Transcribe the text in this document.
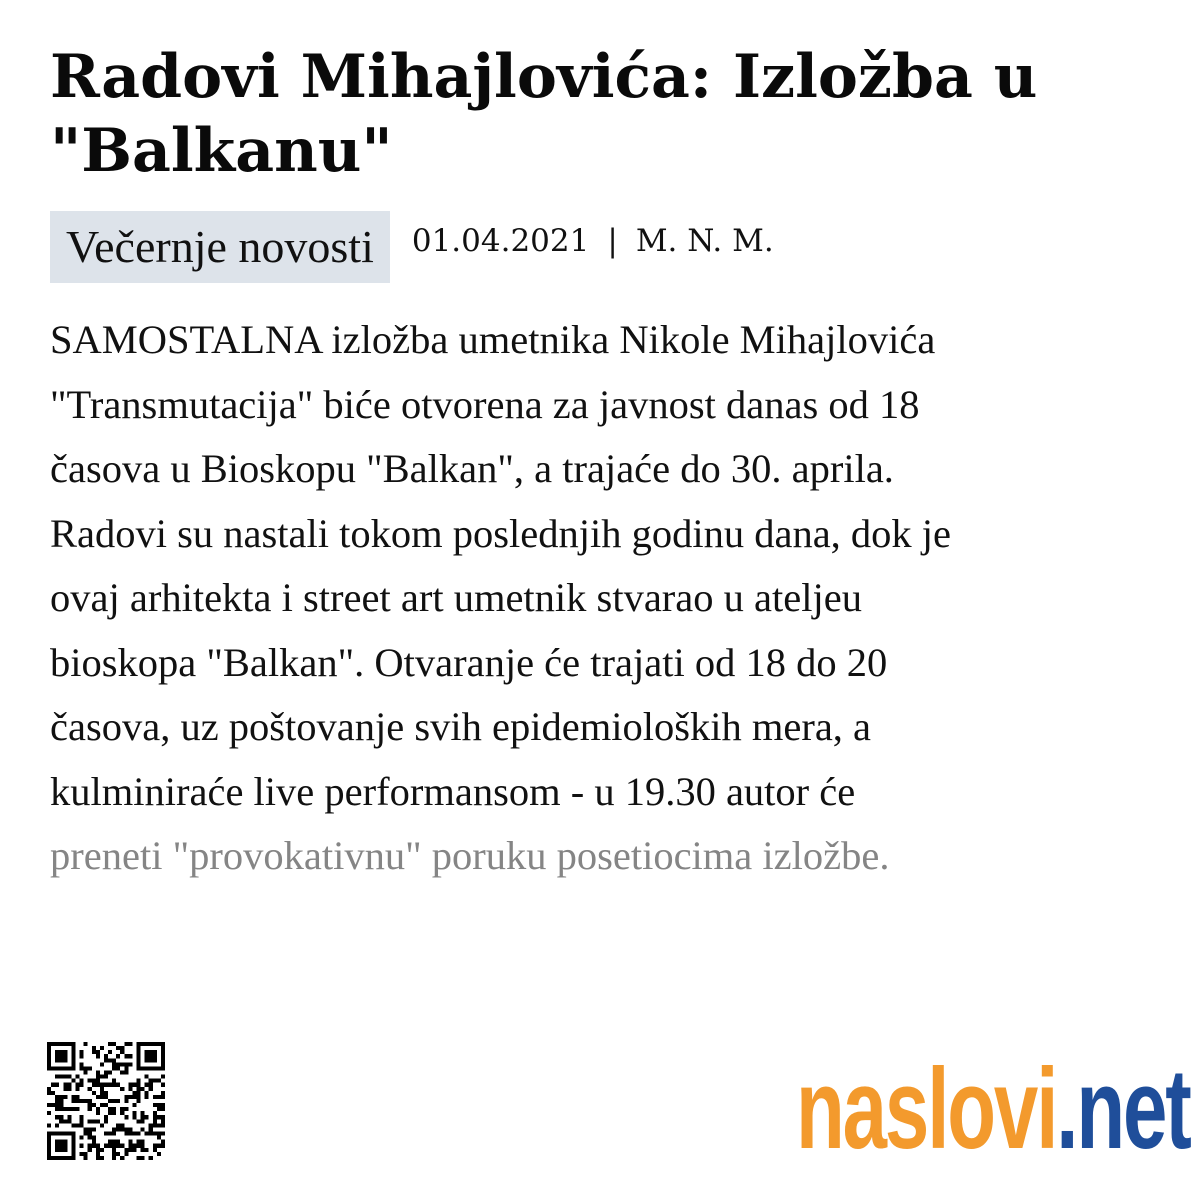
Radovi Mihajlovića: Izložba u "Balkanu"
Večernje novosti	01.04.2021 | M. N. M.
SAMOSTALNA izložba umetnika Nikole Mihajlovića
"Transmutacija" biće otvorena za javnost danas od 18
časova u Bioskopu "Balkan", a trajaće do 30. aprila.
Radovi su nastali tokom poslednjih godinu dana, dok je
ovaj arhitekta i street art umetnik stvarao u ateljeu
bioskopa "Balkan". Otvaranje će trajati od 18 do 20
časova, uz poštovanje svih epidemioloških mera, a
kulminiraće live performansom - u 19.30 autor će
preneti "provokativnu" poruku posetiocima izložbe.
naslovi.net
